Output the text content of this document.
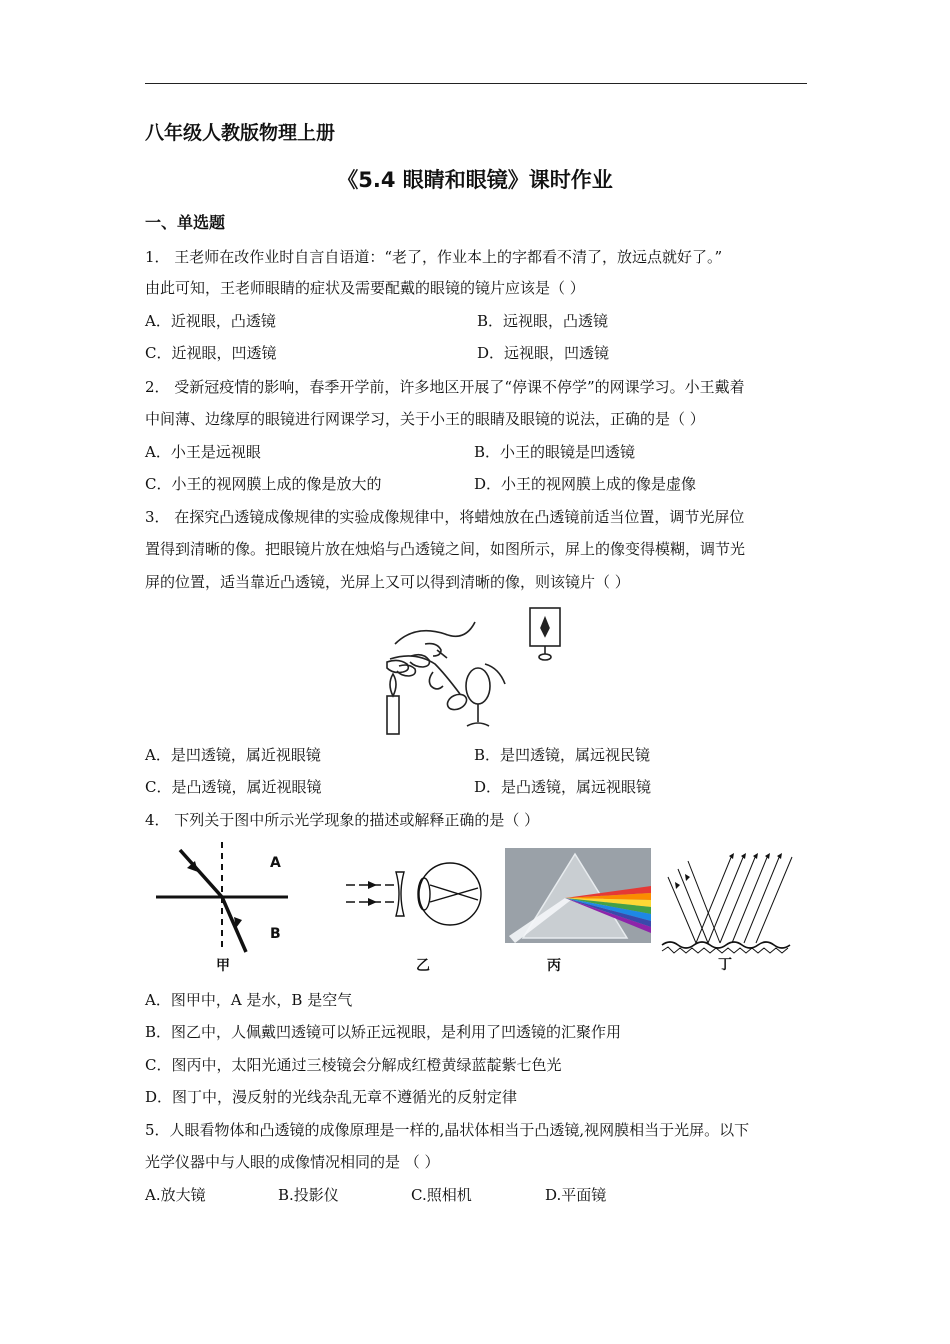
八年级人教版物理上册
《5.4 眼睛和眼镜》课时作业
一、单选题
1． 王老师在改作业时自言自语道：“老了，作业本上的字都看不清了，放远点就好了。”
由此可知，王老师眼睛的症状及需要配戴的眼镜的镜片应该是（ ）
A．近视眼，凸透镜	B．远视眼，凸透镜
C．近视眼，凹透镜	D．远视眼，凹透镜
2． 受新冠疫情的影响，春季开学前，许多地区开展了“停课不停学”的网课学习。小王戴着
中间薄、边缘厚的眼镜进行网课学习，关于小王的眼睛及眼镜的说法，正确的是（ ）
A．小王是远视眼	B．小王的眼镜是凹透镜
C．小王的视网膜上成的像是放大的	D．小王的视网膜上成的像是虚像
3． 在探究凸透镜成像规律的实验成像规律中，将蜡烛放在凸透镜前适当位置，调节光屏位
置得到清晰的像。把眼镜片放在烛焰与凸透镜之间，如图所示，屏上的像变得模糊，调节光
屏的位置，适当靠近凸透镜，光屏上又可以得到清晰的像，则该镜片（ ）
A．是凹透镜，属近视眼镜	B．是凹透镜，属远视民镜
C．是凸透镜，属近视眼镜	D．是凸透镜，属远视眼镜
4． 下列关于图中所示光学现象的描述或解释正确的是（ ）
A
B
甲	乙	丙	丁
A．图甲中，A 是水，B 是空气
B．图乙中，人佩戴凹透镜可以矫正远视眼，是利用了凹透镜的汇聚作用
C．图丙中，太阳光通过三棱镜会分解成红橙黄绿蓝靛紫七色光
D．图丁中，漫反射的光线杂乱无章不遵循光的反射定律
5．人眼看物体和凸透镜的成像原理是一样的,晶状体相当于凸透镜,视网膜相当于光屏。以下
光学仪器中与人眼的成像情况相同的是 （ ）
A.放大镜	B.投影仪	C.照相机	D.平面镜
